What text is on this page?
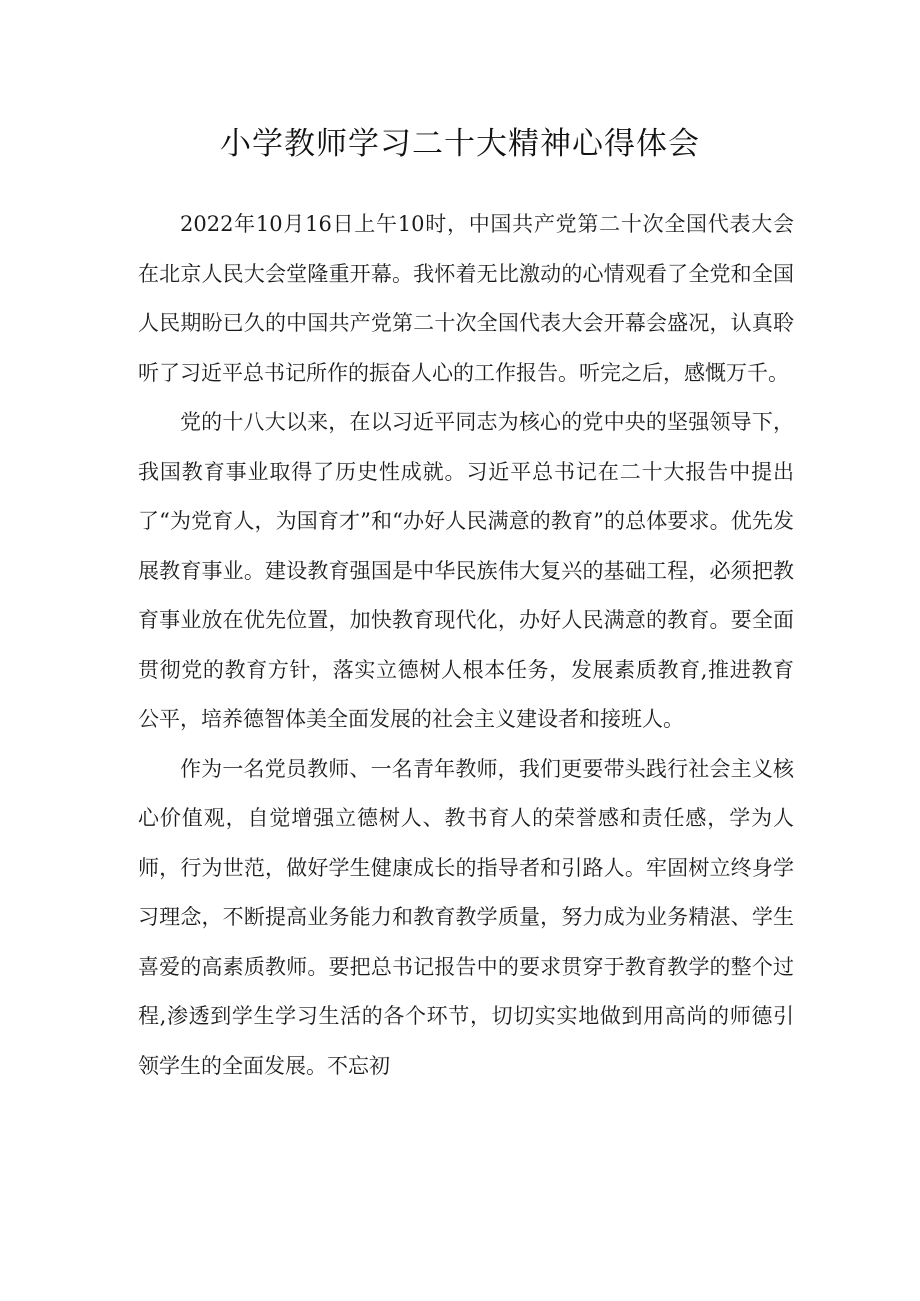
小学教师学习二十大精神心得体会

2022年10月16日上午10时，中国共产党第二十次全国代表大会在北京人民大会堂隆重开幕。我怀着无比激动的心情观看了全党和全国人民期盼已久的中国共产党第二十次全国代表大会开幕会盛况，认真聆听了习近平总书记所作的振奋人心的工作报告。听完之后，感慨万千。

党的十八大以来，在以习近平同志为核心的党中央的坚强领导下，我国教育事业取得了历史性成就。习近平总书记在二十大报告中提出了“为党育人，为国育才”和“办好人民满意的教育”的总体要求。优先发展教育事业。建设教育强国是中华民族伟大复兴的基础工程，必须把教育事业放在优先位置，加快教育现代化，办好人民满意的教育。要全面贯彻党的教育方针，落实立德树人根本任务，发展素质教育,推进教育公平，培养德智体美全面发展的社会主义建设者和接班人。

作为一名党员教师、一名青年教师，我们更要带头践行社会主义核心价值观，自觉增强立德树人、教书育人的荣誉感和责任感，学为人师，行为世范，做好学生健康成长的指导者和引路人。牢固树立终身学习理念，不断提高业务能力和教育教学质量，努力成为业务精湛、学生喜爱的高素质教师。要把总书记报告中的要求贯穿于教育教学的整个过程,渗透到学生学习生活的各个环节，切切实实地做到用高尚的师德引领学生的全面发展。不忘初
